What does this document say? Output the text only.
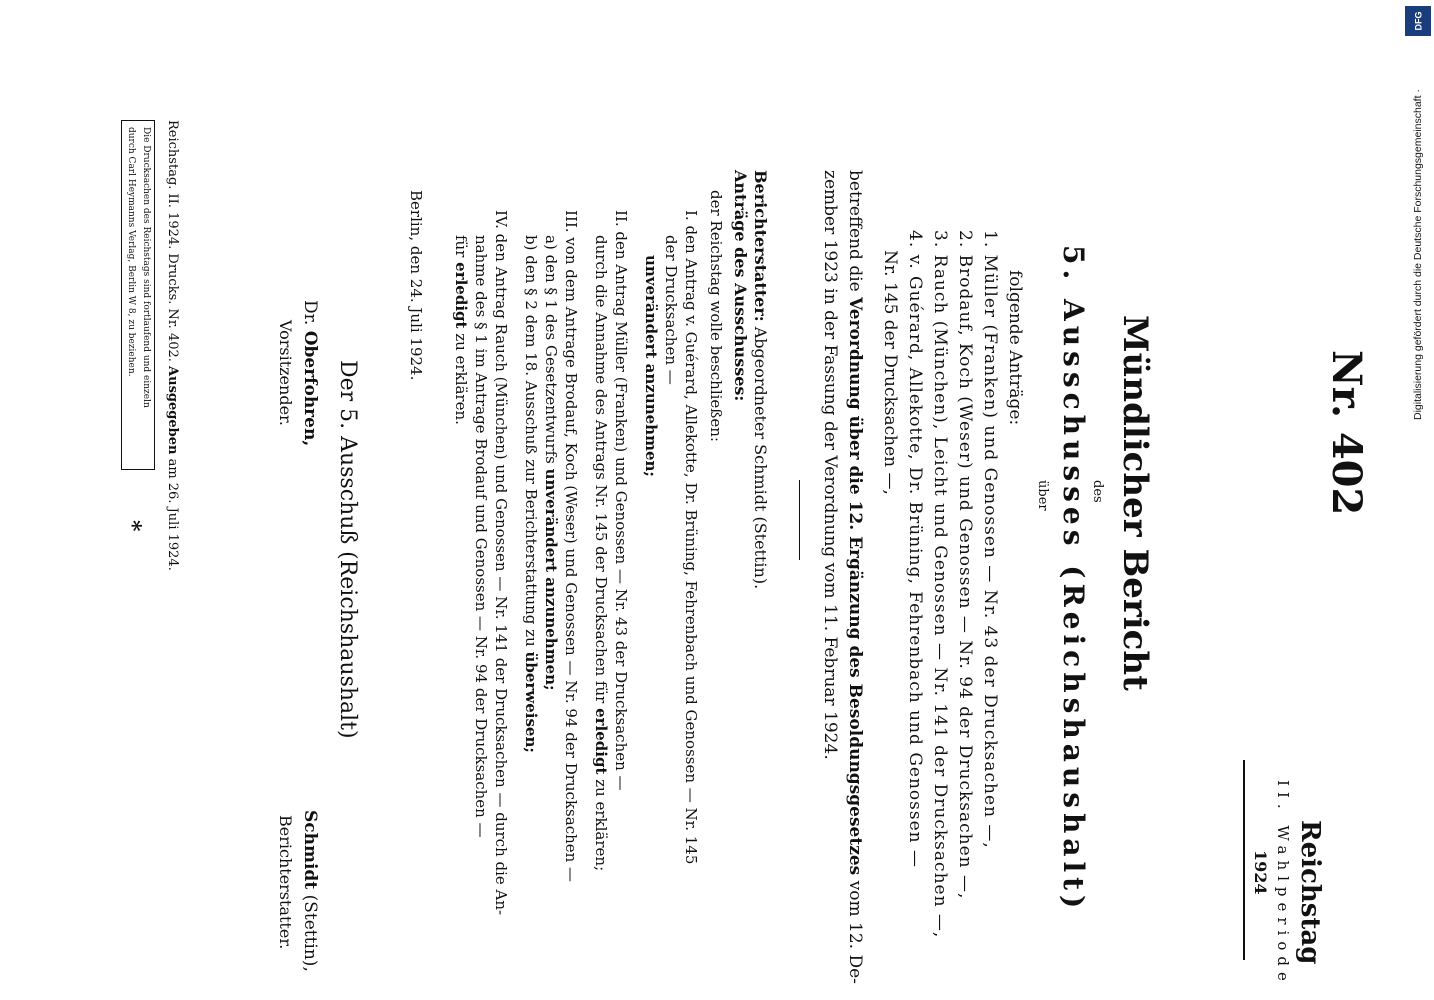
Nr. 402
Reichstag
II. Wahlperiode
1924
Mündlicher Bericht
des
5. Ausschusses (Reichshaushalt)
über
folgende Anträge:
1. Müller (Franken) und Genossen — Nr. 43 der Drucksachen —,
2. Brodauf, Koch (Weser) und Genossen — Nr. 94 der Drucksachen —,
3. Rauch (München), Leicht und Genossen — Nr. 141 der Drucksachen —,
4. v. Guérard, Allekotte, Dr. Brüning, Fehrenbach und Genossen —
Nr. 145 der Drucksachen —,
betreffend die Verordnung über die 12. Ergänzung des Besoldungsgesetzes vom 12. De-
zember 1923 in der Fassung der Verordnung vom 11. Februar 1924.
Berichterstatter: Abgeordneter Schmidt (Stettin).
Anträge des Ausschusses:
der Reichstag wolle beschließen:
I. den Antrag v. Guérard, Allekotte, Dr. Brüning, Fehrenbach und Genossen — Nr. 145
der Drucksachen —
unverändert anzunehmen;
II. den Antrag Müller (Franken) und Genossen — Nr. 43 der Drucksachen —
durch die Annahme des Antrags Nr. 145 der Drucksachen für erledigt zu erklären;
III. von dem Antrage Brodauf, Koch (Weser) und Genossen — Nr. 94 der Drucksachen —
a) den § 1 des Gesetzentwurfs unverändert anzunehmen;
b) den § 2 dem 18. Ausschuß zur Berichterstattung zu überweisen;
IV. den Antrag Rauch (München) und Genossen — Nr. 141 der Drucksachen — durch die An-
nahme des § 1 im Antrage Brodauf und Genossen — Nr. 94 der Drucksachen —
für erledigt zu erklären.
Berlin, den 24. Juli 1924.
Der 5. Ausschuß (Reichshaushalt)
Dr. Oberfohren,
Vorsitzender.
Schmidt (Stettin),
Berichterstatter.
Reichstag. II. 1924. Drucks. Nr. 402. Ausgegeben am 26. Juli 1924.
Die Drucksachen des Reichstags sind fortlaufend und einzeln
durch Carl Heymanns Verlag, Berlin W 8, zu beziehen.
*
Digitalisierung gefördert durch die Deutsche Forschungsgemeinschaft ·
DFG
